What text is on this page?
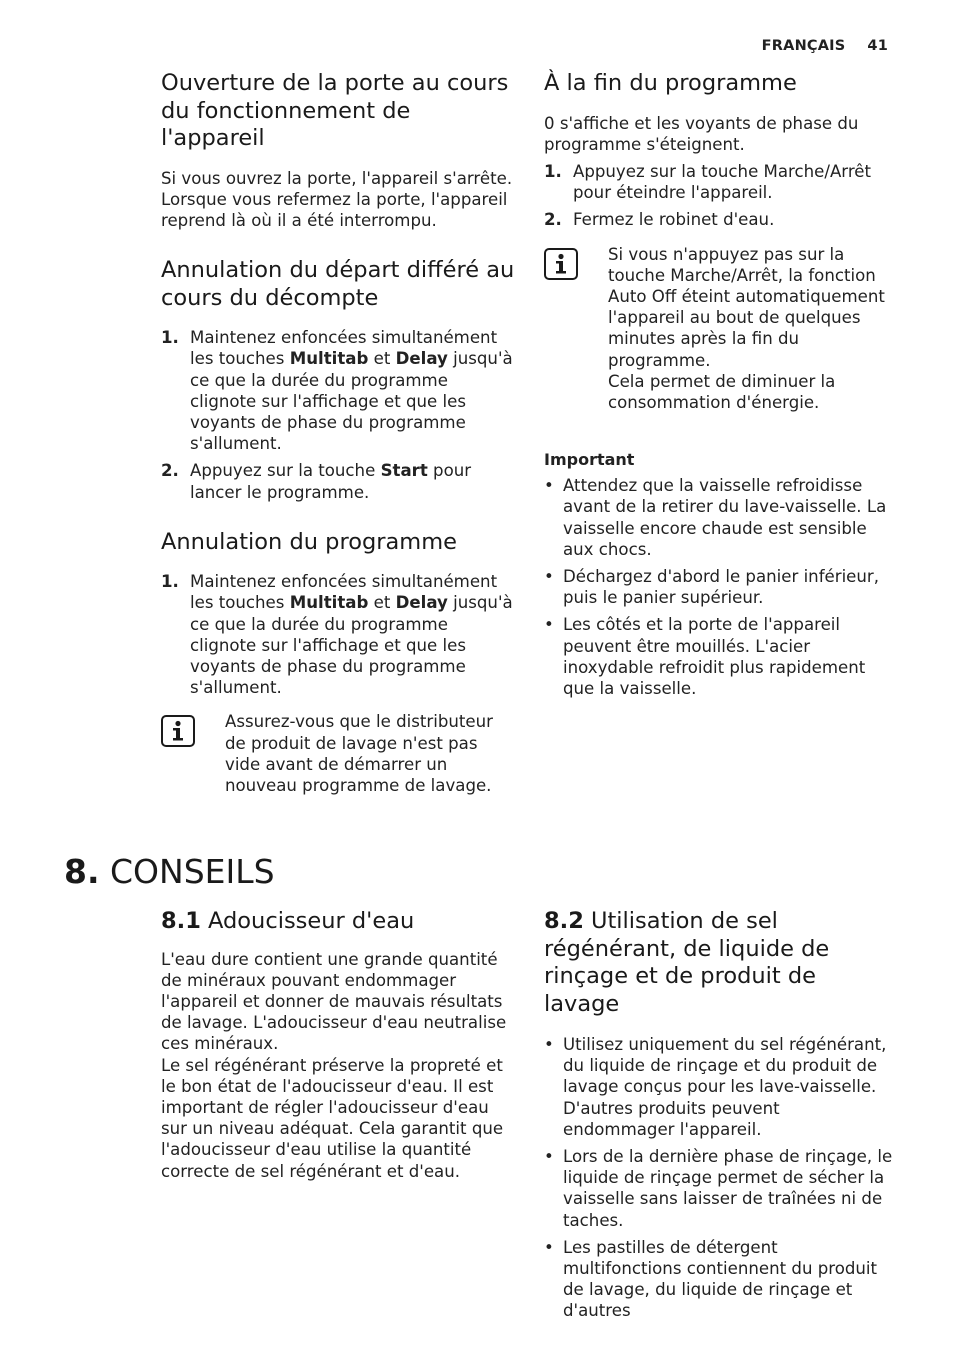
FRANÇAIS 41
Ouverture de la porte au cours du fonctionnement de l'appareil

Si vous ouvrez la porte, l'appareil s'arrête. Lorsque vous refermez la porte, l'appareil reprend là où il a été interrompu.

Annulation du départ différé au cours du décompte
1. Maintenez enfoncées simultanément les touches Multitab et Delay jusqu'à ce que la durée du programme clignote sur l'affichage et que les voyants de phase du programme s'allument.
2. Appuyez sur la touche Start pour lancer le programme.
Annulation du programme
1. Maintenez enfoncées simultanément les touches Multitab et Delay jusqu'à ce que la durée du programme clignote sur l'affichage et que les voyants de phase du programme s'allument.

Assurez-vous que le distributeur de produit de lavage n'est pas vide avant de démarrer un nouveau programme de lavage.

À la fin du programme

0 s'affiche et les voyants de phase du programme s'éteignent.

1. Appuyez sur la touche Marche/Arrêt pour éteindre l'appareil.
2. Fermez le robinet d'eau.

Si vous n'appuyez pas sur la touche Marche/Arrêt, la fonction Auto Off éteint automatiquement l'appareil au bout de quelques minutes après la fin du programme.

Cela permet de diminuer la consommation d'énergie.

Important

• Attendez que la vaisselle refroidisse avant de la retirer du lave-vaisselle. La vaisselle encore chaude est sensible aux chocs.
• Déchargez d'abord le panier inférieur, puis le panier supérieur.
• Les côtés et la porte de l'appareil peuvent être mouillés. L'acier inoxydable refroidit plus rapidement que la vaisselle.
8. CONSEILS
8.1 Adoucisseur d'eau

L'eau dure contient une grande quantité de minéraux pouvant endommager l'appareil et donner de mauvais résultats de lavage. L'adoucisseur d'eau neutralise ces minéraux.

Le sel régénérant préserve la propreté et le bon état de l'adoucisseur d'eau. Il est important de régler l'adoucisseur d'eau sur un niveau adéquat. Cela garantit que l'adoucisseur d'eau utilise la quantité correcte de sel régénérant et d'eau.

8.2 Utilisation de sel régénérant, de liquide de rinçage et de produit de lavage
• Utilisez uniquement du sel régénérant, du liquide de rinçage et du produit de lavage conçus pour les lave-vaisselle. D'autres produits peuvent endommager l'appareil.
• Lors de la dernière phase de rinçage, le liquide de rinçage permet de sécher la vaisselle sans laisser de traînées ni de taches.
• Les pastilles de détergent multifonctions contiennent du produit de lavage, du liquide de rinçage et d'autres
